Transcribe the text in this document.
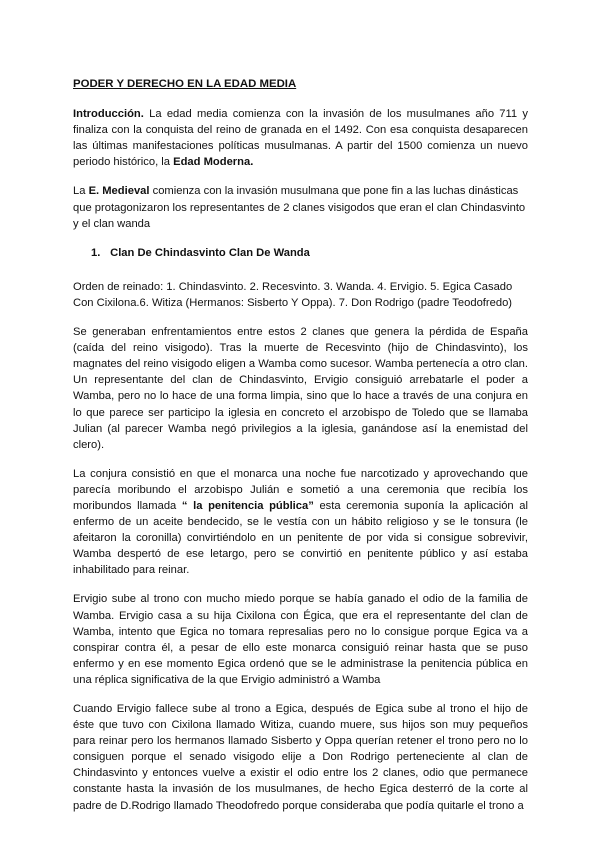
PODER Y DERECHO EN LA EDAD MEDIA

Introducción. La edad media comienza con la invasión de los musulmanes año 711 y finaliza con la conquista del reino de granada en el 1492. Con esa conquista desaparecen las últimas manifestaciones políticas musulmanas. A partir del 1500 comienza un nuevo periodo histórico, la Edad Moderna.

La E. Medieval comienza con la invasión musulmana que pone fin a las luchas dinásticas que protagonizaron los representantes de 2 clanes visigodos que eran el clan Chindasvinto y el clan wanda

1. Clan De Chindasvinto Clan De Wanda

Orden de reinado: 1. Chindasvinto. 2. Recesvinto. 3. Wanda. 4. Ervigio. 5. Egica Casado Con Cixilona.6. Witiza (Hermanos: Sisberto Y Oppa). 7. Don Rodrigo (padre Teodofredo)

Se generaban enfrentamientos entre estos 2 clanes que genera la pérdida de España (caída del reino visigodo). Tras la muerte de Recesvinto (hijo de Chindasvinto), los magnates del reino visigodo eligen a Wamba como sucesor. Wamba pertenecía a otro clan. Un representante del clan de Chindasvinto, Ervigio consiguió arrebatarle el poder a Wamba, pero no lo hace de una forma limpia, sino que lo hace a través de una conjura en lo que parece ser participo la iglesia en concreto el arzobispo de Toledo que se llamaba Julian (al parecer Wamba negó privilegios a la iglesia, ganándose así la enemistad del clero).

La conjura consistió en que el monarca una noche fue narcotizado y aprovechando que parecía moribundo el arzobispo Julián e sometió a una ceremonia que recibía los moribundos llamada “ la penitencia pública” esta ceremonia suponía la aplicación al enfermo de un aceite bendecido, se le vestía con un hábito religioso y se le tonsura (le afeitaron la coronilla) convirtiéndolo en un penitente de por vida si consigue sobrevivir, Wamba despertó de ese letargo, pero se convirtió en penitente público y así estaba inhabilitado para reinar.

Ervigio sube al trono con mucho miedo porque se había ganado el odio de la familia de Wamba. Ervigio casa a su hija Cixilona con Égica, que era el representante del clan de Wamba, intento que Egica no tomara represalias pero no lo consigue porque Egica va a conspirar contra él, a pesar de ello este monarca consiguió reinar hasta que se puso enfermo y en ese momento Egica ordenó que se le administrase la penitencia pública en una réplica significativa de la que Ervigio administró a Wamba

Cuando Ervigio fallece sube al trono a Egica, después de Egica sube al trono el hijo de éste que tuvo con Cixilona llamado Witiza, cuando muere, sus hijos son muy pequeños para reinar pero los hermanos llamado Sisberto y Oppa querían retener el trono pero no lo consiguen porque el senado visigodo elije a Don Rodrigo perteneciente al clan de Chindasvinto y entonces vuelve a existir el odio entre los 2 clanes, odio que permanece constante hasta la invasión de los musulmanes, de hecho Egica desterró de la corte al padre de D.Rodrigo llamado Theodofredo porque consideraba que podía quitarle el trono a
